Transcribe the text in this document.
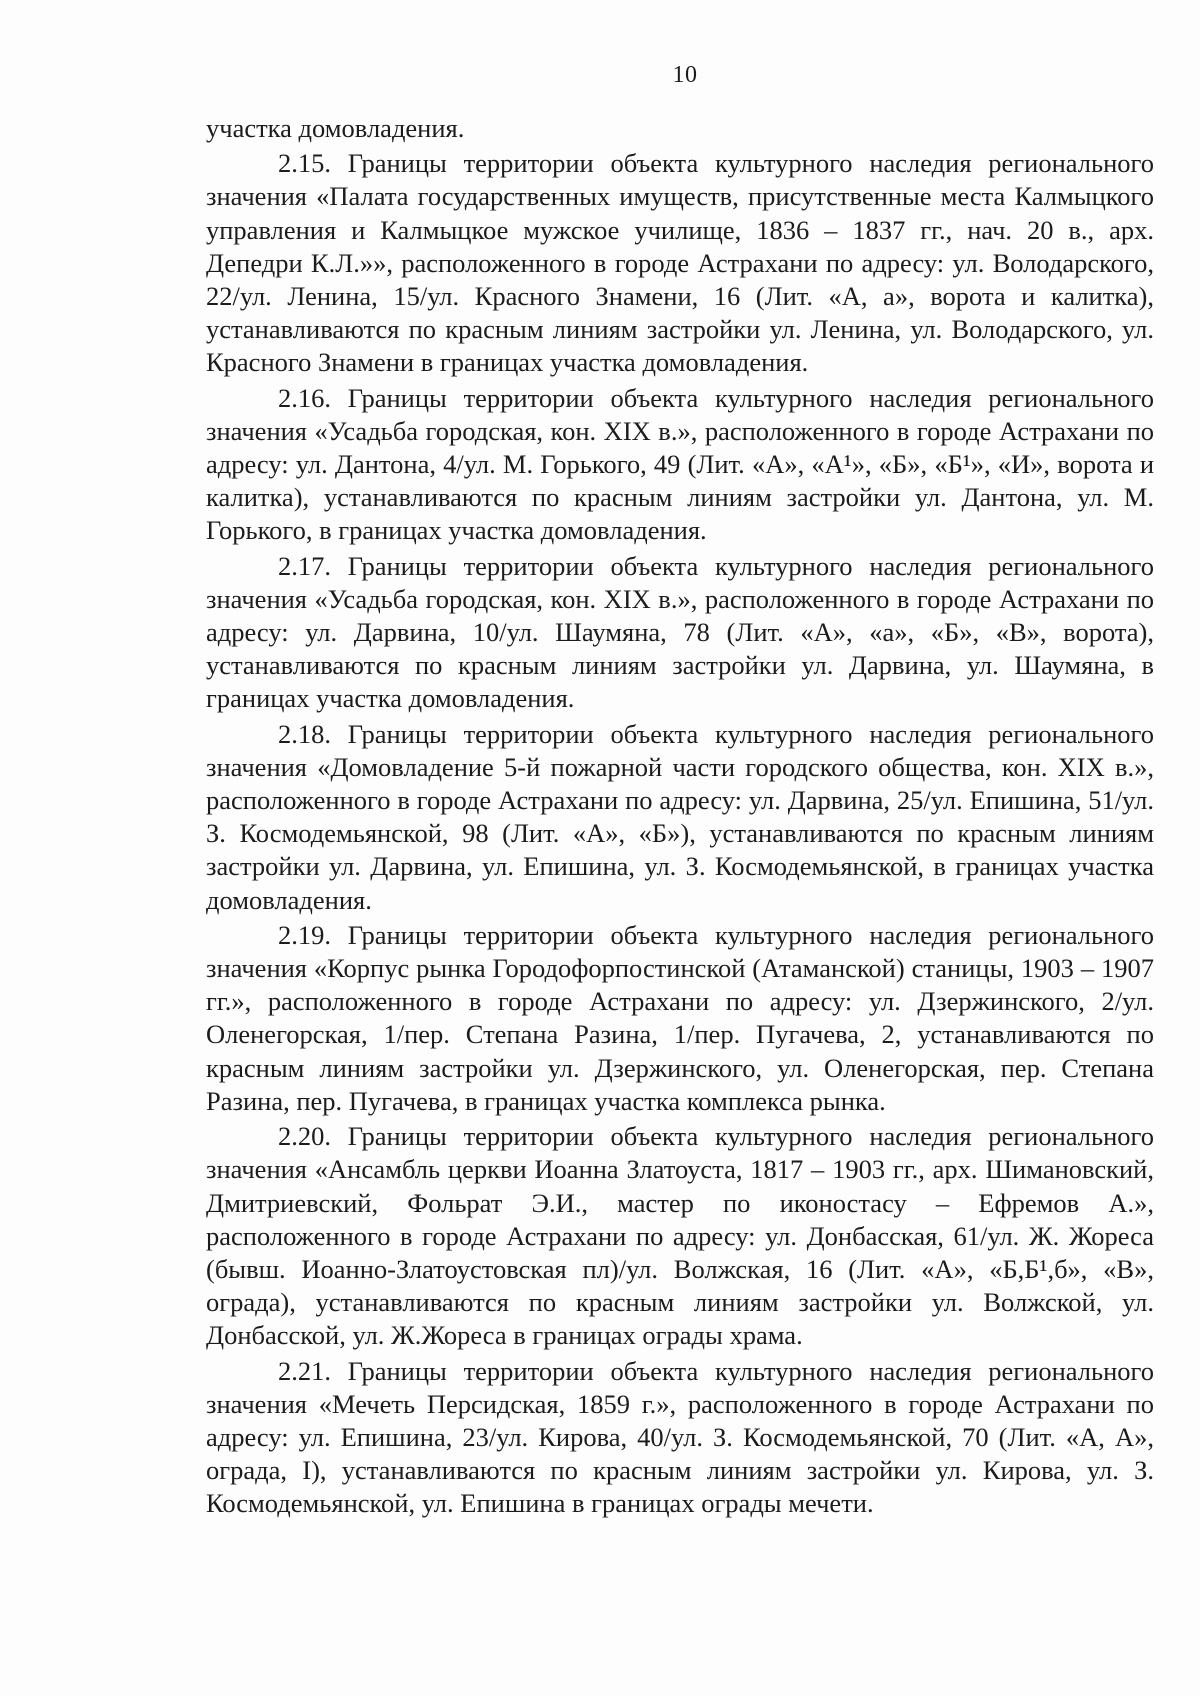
10

участка домовладения.

2.15. Границы территории объекта культурного наследия регионального значения «Палата государственных имуществ, присутственные места Калмыцкого управления и Калмыцкое мужское училище, 1836 – 1837 гг., нач. 20 в., арх. Депедри К.Л.»», расположенного в городе Астрахани по адресу: ул. Володарского, 22/ул. Ленина, 15/ул. Красного Знамени, 16 (Лит. «А, а», ворота и калитка), устанавливаются по красным линиям застройки ул. Ленина, ул. Володарского, ул. Красного Знамени в границах участка домовладения.

2.16. Границы территории объекта культурного наследия регионального значения «Усадьба городская, кон. XIX в.», расположенного в городе Астрахани по адресу: ул. Дантона, 4/ул. М. Горького, 49 (Лит. «А», «А¹», «Б», «Б¹», «И», ворота и калитка), устанавливаются по красным линиям застройки ул. Дантона, ул. М. Горького, в границах участка домовладения.

2.17. Границы территории объекта культурного наследия регионального значения «Усадьба городская, кон. XIX в.», расположенного в городе Астрахани по адресу: ул. Дарвина, 10/ул. Шаумяна, 78 (Лит. «А», «а», «Б», «В», ворота), устанавливаются по красным линиям застройки ул. Дарвина, ул. Шаумяна, в границах участка домовладения.

2.18. Границы территории объекта культурного наследия регионального значения «Домовладение 5-й пожарной части городского общества, кон. XIX в.», расположенного в городе Астрахани по адресу: ул. Дарвина, 25/ул. Епишина, 51/ул. З. Космодемьянской, 98 (Лит. «А», «Б»), устанавливаются по красным линиям застройки ул. Дарвина, ул. Епишина, ул. З. Космодемьянской, в границах участка домовладения.

2.19. Границы территории объекта культурного наследия регионального значения «Корпус рынка Городофорпостинской (Атаманской) станицы, 1903 – 1907 гг.», расположенного в городе Астрахани по адресу: ул. Дзержинского, 2/ул. Оленегорская, 1/пер. Степана Разина, 1/пер. Пугачева, 2, устанавливаются по красным линиям застройки ул. Дзержинского, ул. Оленегорская, пер. Степана Разина, пер. Пугачева, в границах участка комплекса рынка.

2.20. Границы территории объекта культурного наследия регионального значения «Ансамбль церкви Иоанна Златоуста, 1817 – 1903 гг., арх. Шимановский, Дмитриевский, Фольрат Э.И., мастер по иконостасу – Ефремов А.», расположенного в городе Астрахани по адресу: ул. Донбасская, 61/ул. Ж. Жореса (бывш. Иоанно-Златоустовская пл)/ул. Волжская, 16 (Лит. «А», «Б,Б¹,б», «В», ограда), устанавливаются по красным линиям застройки ул. Волжской, ул. Донбасской, ул. Ж.Жореса в границах ограды храма.

2.21. Границы территории объекта культурного наследия регионального значения «Мечеть Персидская, 1859 г.», расположенного в городе Астрахани по адресу: ул. Епишина, 23/ул. Кирова, 40/ул. З. Космодемьянской, 70 (Лит. «А, А», ограда, I), устанавливаются по красным линиям застройки ул. Кирова, ул. З. Космодемьянской, ул. Епишина в границах ограды мечети.
